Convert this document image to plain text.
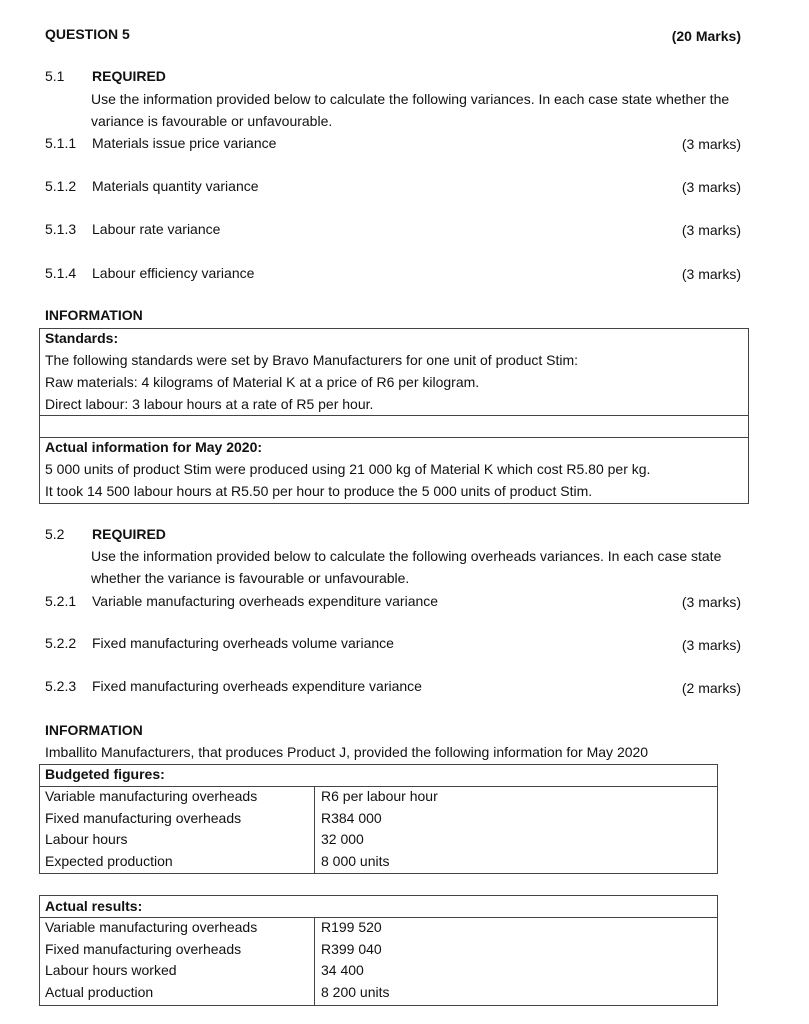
QUESTION 5	(20 Marks)
5.1 REQUIRED
Use the information provided below to calculate the following variances. In each case state whether the
variance is favourable or unfavourable.
5.1.1 Materials issue price variance	(3 marks)
5.1.2 Materials quantity variance	(3 marks)
5.1.3 Labour rate variance	(3 marks)
5.1.4 Labour efficiency variance	(3 marks)
INFORMATION
Standards:
The following standards were set by Bravo Manufacturers for one unit of product Stim:
Raw materials: 4 kilograms of Material K at a price of R6 per kilogram.
Direct labour: 3 labour hours at a rate of R5 per hour.
Actual information for May 2020:
5 000 units of product Stim were produced using 21 000 kg of Material K which cost R5.80 per kg.
It took 14 500 labour hours at R5.50 per hour to produce the 5 000 units of product Stim.
5.2 REQUIRED
Use the information provided below to calculate the following overheads variances. In each case state
whether the variance is favourable or unfavourable.
5.2.1 Variable manufacturing overheads expenditure variance	(3 marks)
5.2.2 Fixed manufacturing overheads volume variance	(3 marks)
5.2.3 Fixed manufacturing overheads expenditure variance	(2 marks)
INFORMATION
Imballito Manufacturers, that produces Product J, provided the following information for May 2020
Budgeted figures:
Variable manufacturing overheads	R6 per labour hour
Fixed manufacturing overheads	R384 000
Labour hours	32 000
Expected production	8 000 units
Actual results:
Variable manufacturing overheads	R199 520
Fixed manufacturing overheads	R399 040
Labour hours worked	34 400
Actual production	8 200 units
